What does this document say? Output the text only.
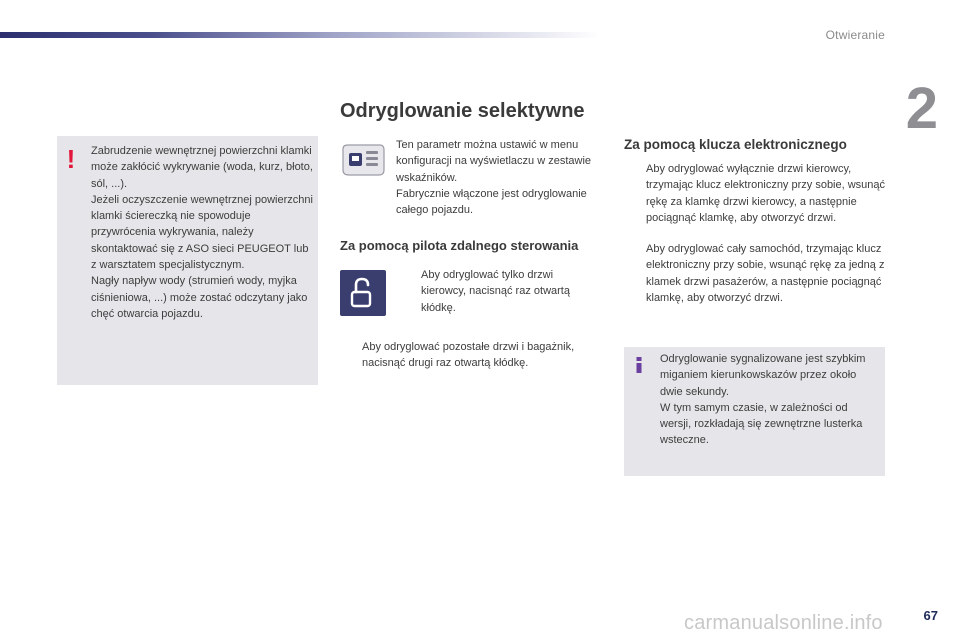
Otwieranie
2
Odryglowanie selektywne
! Zabrudzenie wewnętrznej powierzchni klamki może zakłócić wykrywanie (woda, kurz, błoto, sól, ...).

Jeżeli oczyszczenie wewnętrznej powierzchni klamki ściereczką nie spowoduje przywrócenia wykrywania, należy skontaktować się z ASO sieci PEUGEOT lub z warsztatem specjalistycznym.

Nagły napływ wody (strumień wody, myjka ciśnieniowa, ...) może zostać odczytany jako chęć otwarcia pojazdu.

Ten parametr można ustawić w menu konfiguracji na wyświetlaczu w zestawie wskaźników.

Fabrycznie włączone jest odryglowanie całego pojazdu.

Za pomocą pilota zdalnego sterowania
Aby odryglować tylko drzwi kierowcy, nacisnąć raz otwartą kłódkę.
Aby odryglować pozostałe drzwi i bagażnik, nacisnąć drugi raz otwartą kłódkę.
Za pomocą klucza elektronicznego
Aby odryglować wyłącznie drzwi kierowcy, trzymając klucz elektroniczny przy sobie, wsunąć rękę za klamkę drzwi kierowcy, a następnie pociągnąć klamkę, aby otworzyć drzwi.
Aby odryglować cały samochód, trzymając klucz elektroniczny przy sobie, wsunąć rękę za jedną z klamek drzwi pasażerów, a następnie pociągnąć klamkę, aby otworzyć drzwi.

Odryglowanie sygnalizowane jest szybkim miganiem kierunkowskazów przez około dwie sekundy.

W tym samym czasie, w zależności od wersji, rozkładają się zewnętrzne lusterka wsteczne.

67
carmanualsonline.info
